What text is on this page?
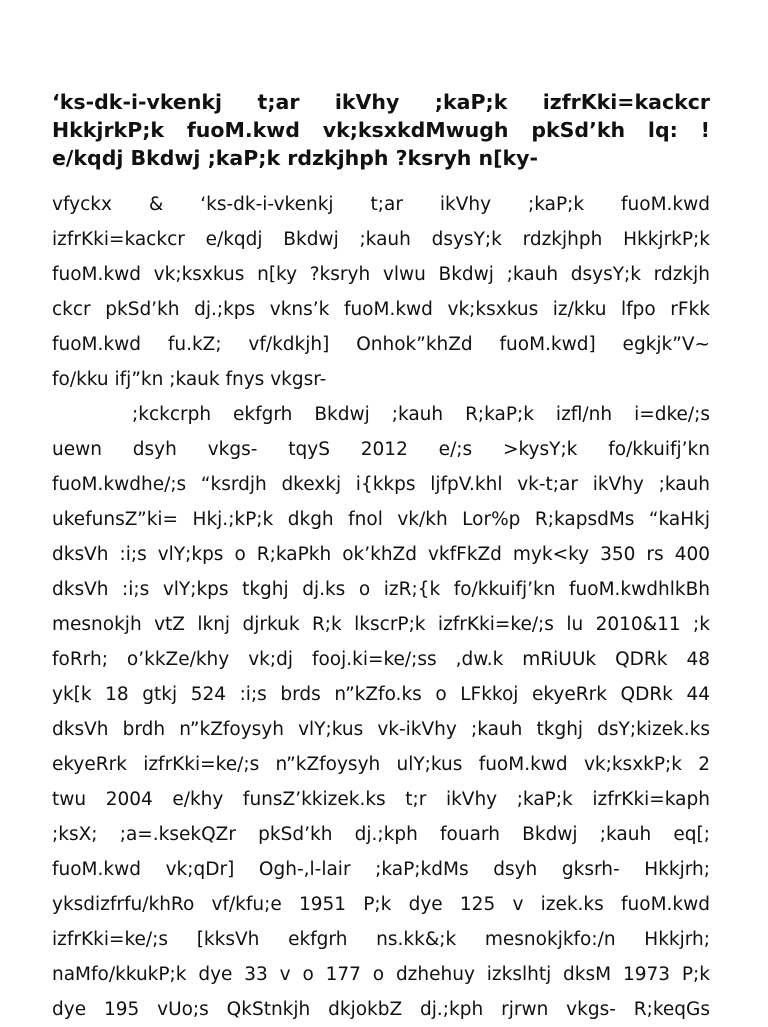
‘ks-dk-i-vkenkj t;ar ikVhy ;kaP;k izfrKki=kackcr
HkkjrkP;k fuoM.kwd vk;ksxkdMwugh pkSd’kh lq: !
e/kqdj Bkdwj ;kaP;k rdzkjhph ?ksryh n[ky-

vfyckx & ‘ks-dk-i-vkenkj t;ar ikVhy ;kaP;k fuoM.kwd
izfrKki=kackcr e/kqdj Bkdwj ;kauh dsysY;k rdzkjhph HkkjrkP;k
fuoM.kwd vk;ksxkus n[ky ?ksryh vlwu Bkdwj ;kauh dsysY;k rdzkjh
ckcr pkSd’kh dj.;kps vkns’k fuoM.kwd vk;ksxkus iz/kku lfpo rFkk
fuoM.kwd fu.kZ; vf/kdkjh] Onhok”khZd fuoM.kwd] egkjk”V~
fo/kku ifj”kn ;kauk fnys vkgsr-

;kckcrph ekfgrh Bkdwj ;kauh R;kaP;k izfl/nh i=dke/;s
uewn dsyh vkgs- tqyS 2012 e/;s >kysY;k fo/kkuifj’kn
fuoM.kwdhe/;s “ksrdjh dkexkj i{kkps ljfpV.khl vk-t;ar ikVhy ;kauh
ukefunsZ”ki= Hkj.;kP;k dkgh fnol vk/kh Lor%p R;kapsdMs “kaHkj
dksVh :i;s vlY;kps o R;kaPkh ok’khZd vkfFkZd myk<ky 350 rs 400
dksVh :i;s vlY;kps tkghj dj.ks o izR;{k fo/kkuifj’kn fuoM.kwdhlkBh
mesnokjh vtZ lknj djrkuk R;k lkscrP;k izfrKki=ke/;s lu 2010&11 ;k
foRrh; o’kkZe/khy vk;dj fooj.ki=ke/;ss ,dw.k mRiUUk QDRk 48
yk[k 18 gtkj 524 :i;s brds n”kZfo.ks o LFkkoj ekyeRrk QDRk 44
dksVh brdh n”kZfoysyh vlY;kus vk-ikVhy ;kauh tkghj dsY;kizek.ks
ekyeRrk izfrKki=ke/;s n”kZfoysyh ulY;kus fuoM.kwd vk;ksxkP;k 2
twu 2004 e/khy funsZ’kkizek.ks t;r ikVhy ;kaP;k izfrKki=kaph
;ksX; ;a=.ksekQZr pkSd’kh dj.;kph fouarh Bkdwj ;kauh eq[;
fuoM.kwd vk;qDr] Ogh-,l-lair ;kaP;kdMs dsyh gksrh- Hkkjrh;
yksdizfrfu/khRo vf/kfu;e 1951 P;k dye 125 v izek.ks fuoM.kwd
izfrKki=ke/;s [kksVh ekfgrh ns.kk&;k mesnokjkfo:/n Hkkjrh;
naMfo/kkukP;k dye 33 v o 177 o dzhehuy izkslhtj dksM 1973 P;k
dye 195 vUo;s QkStnkjh dkjokbZ dj.;kph rjrwn vkgs- R;keqGs
